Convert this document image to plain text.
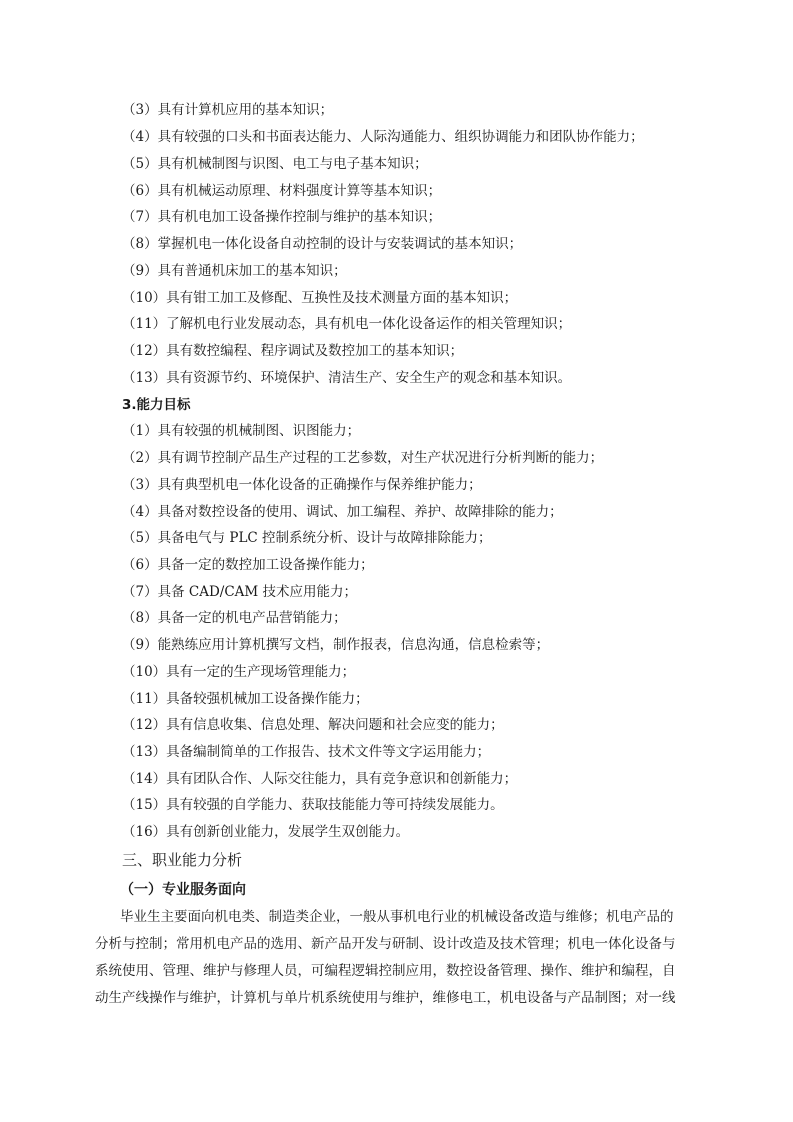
（3）具有计算机应用的基本知识；
（4）具有较强的口头和书面表达能力、人际沟通能力、组织协调能力和团队协作能力；
（5）具有机械制图与识图、电工与电子基本知识；
（6）具有机械运动原理、材料强度计算等基本知识；
（7）具有机电加工设备操作控制与维护的基本知识；
（8）掌握机电一体化设备自动控制的设计与安装调试的基本知识；
（9）具有普通机床加工的基本知识；
（10）具有钳工加工及修配、互换性及技术测量方面的基本知识；
（11）了解机电行业发展动态，具有机电一体化设备运作的相关管理知识；
（12）具有数控编程、程序调试及数控加工的基本知识；
（13）具有资源节约、环境保护、清洁生产、安全生产的观念和基本知识。
3.能力目标
（1）具有较强的机械制图、识图能力；
（2）具有调节控制产品生产过程的工艺参数，对生产状况进行分析判断的能力；
（3）具有典型机电一体化设备的正确操作与保养维护能力；
（4）具备对数控设备的使用、调试、加工编程、养护、故障排除的能力；
（5）具备电气与 PLC 控制系统分析、设计与故障排除能力；
（6）具备一定的数控加工设备操作能力；
（7）具备 CAD/CAM 技术应用能力；
（8）具备一定的机电产品营销能力；
（9）能熟练应用计算机撰写文档，制作报表，信息沟通，信息检索等；
（10）具有一定的生产现场管理能力；
（11）具备较强机械加工设备操作能力；
（12）具有信息收集、信息处理、解决问题和社会应变的能力；
（13）具备编制简单的工作报告、技术文件等文字运用能力；
（14）具有团队合作、人际交往能力，具有竞争意识和创新能力；
（15）具有较强的自学能力、获取技能能力等可持续发展能力。
（16）具有创新创业能力，发展学生双创能力。
三、职业能力分析
（一）专业服务面向
毕业生主要面向机电类、制造类企业，一般从事机电行业的机械设备改造与维修；机电产品的
分析与控制；常用机电产品的选用、新产品开发与研制、设计改造及技术管理；机电一体化设备与
系统使用、管理、维护与修理人员，可编程逻辑控制应用，数控设备管理、操作、维护和编程，自
动生产线操作与维护，计算机与单片机系统使用与维护，维修电工，机电设备与产品制图；对一线
